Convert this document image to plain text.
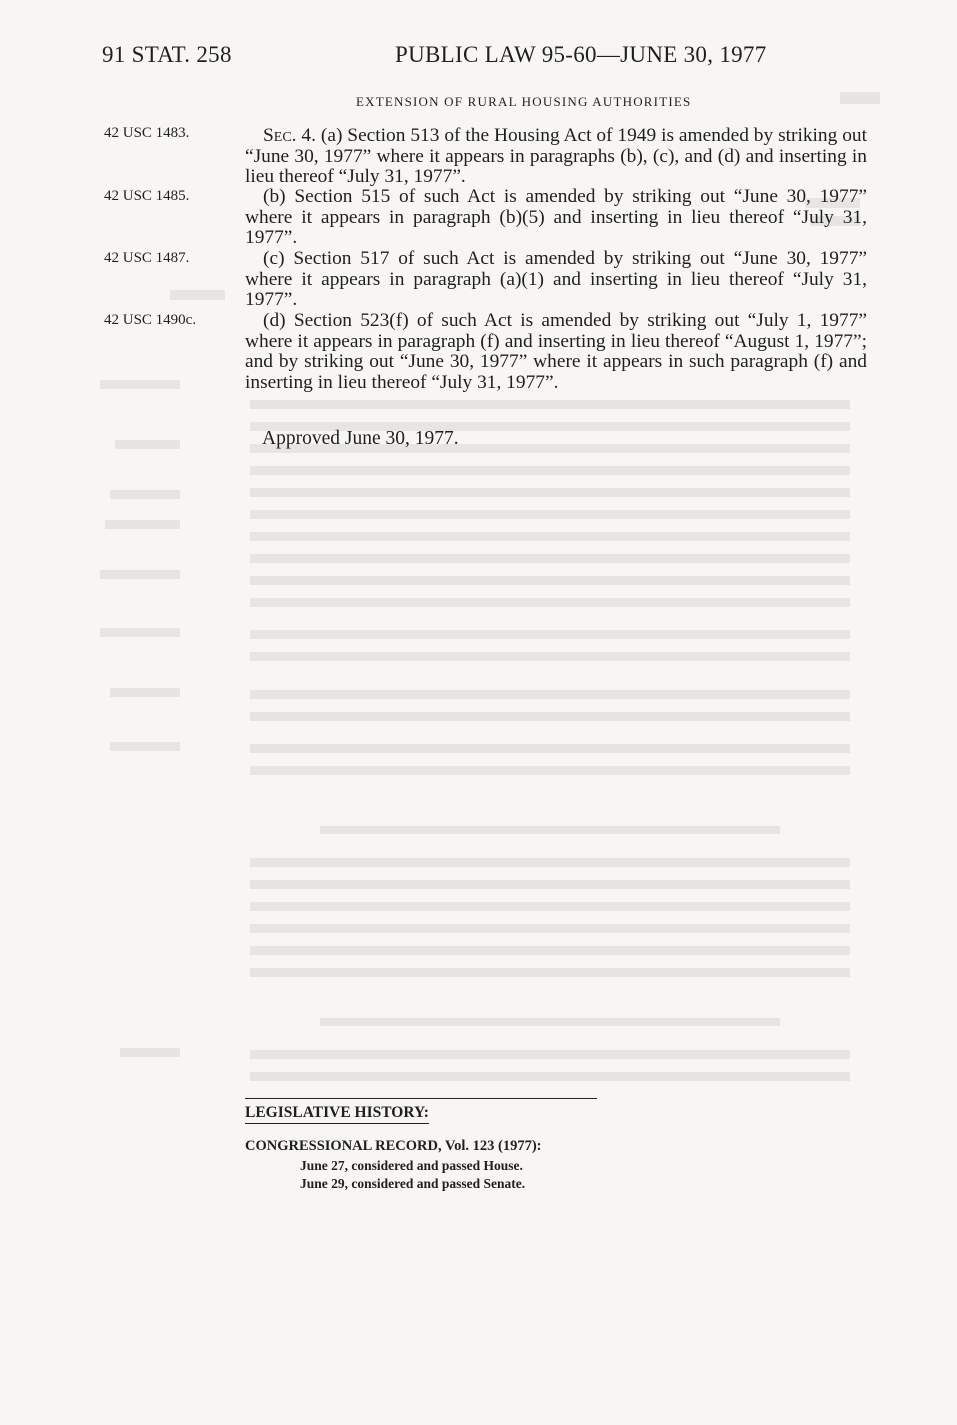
91 STAT. 258	PUBLIC LAW 95-60—JUNE 30, 1977
EXTENSION OF RURAL HOUSING AUTHORITIES
42 USC 1483.
42 USC 1485.
42 USC 1487.
42 USC 1490c.
Sec. 4. (a) Section 513 of the Housing Act of 1949 is amended by striking out “June 30, 1977” where it appears in paragraphs (b), (c), and (d) and inserting in lieu thereof “July 31, 1977”.
(b) Section 515 of such Act is amended by striking out “June 30, 1977” where it appears in paragraph (b)(5) and inserting in lieu thereof “July 31, 1977”.
(c) Section 517 of such Act is amended by striking out “June 30, 1977” where it appears in paragraph (a)(1) and inserting in lieu thereof “July 31, 1977”.
(d) Section 523(f) of such Act is amended by striking out “July 1, 1977” where it appears in paragraph (f) and inserting in lieu thereof “August 1, 1977”; and by striking out “June 30, 1977” where it appears in such paragraph (f) and inserting in lieu thereof “July 31, 1977”.
Approved June 30, 1977.
LEGISLATIVE HISTORY:
CONGRESSIONAL RECORD, Vol. 123 (1977):
June 27, considered and passed House.
June 29, considered and passed Senate.
